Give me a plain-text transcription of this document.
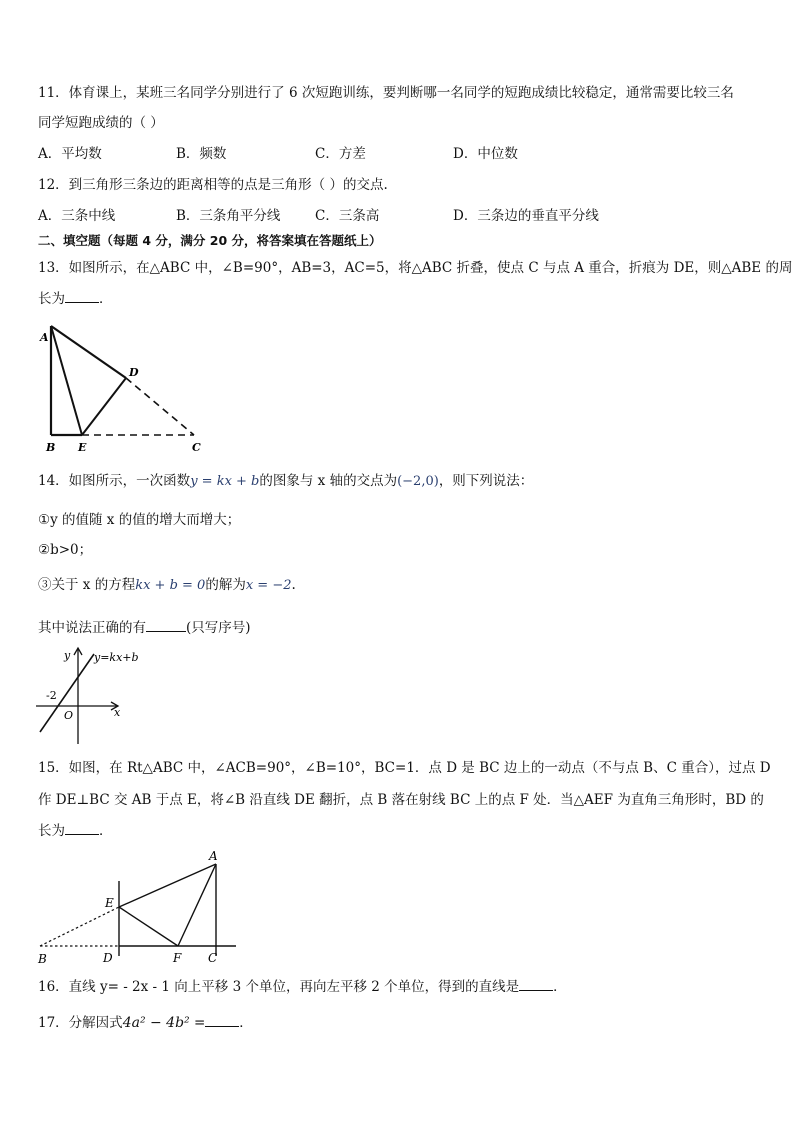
11．体育课上，某班三名同学分别进行了 6 次短跑训练，要判断哪一名同学的短跑成绩比较稳定，通常需要比较三名
同学短跑成绩的（ ）
A．平均数	B．频数	C．方差	D．中位数
12．到三角形三条边的距离相等的点是三角形（ ）的交点.
A．三条中线	B．三条角平分线	C．三条高	D．三条边的垂直平分线
二、填空题（每题 4 分，满分 20 分，将答案填在答题纸上）
13．如图所示，在△ABC 中，∠B=90°，AB=3，AC=5，将△ABC 折叠，使点 C 与点 A 重合，折痕为 DE，则△ABE 的周
长为	．
A
B E
D
C
14．如图所示，一次函数y = kx + b的图象与 x 轴的交点为(−2,0)，则下列说法：
①y 的值随 x 的值的增大而增大；
②b>0；
③关于 x 的方程kx + b = 0的解为x = −2.
其中说法正确的有	(只写序号)
y y=kx+b
-2
O	x
15．如图，在 Rt△ABC 中，∠ACB=90°，∠B=10°，BC=1．点 D 是 BC 边上的一动点（不与点 B、C 重合），过点 D
作 DE⊥BC 交 AB 于点 E，将∠B 沿直线 DE 翻折，点 B 落在射线 BC 上的点 F 处．当△AEF 为直角三角形时，BD 的
长为	．
A
E
B	D	F C
16．直线 y= - 2x - 1 向上平移 3 个单位，再向左平移 2 个单位，得到的直线是	．
17．分解因式4a² − 4b² =	．
